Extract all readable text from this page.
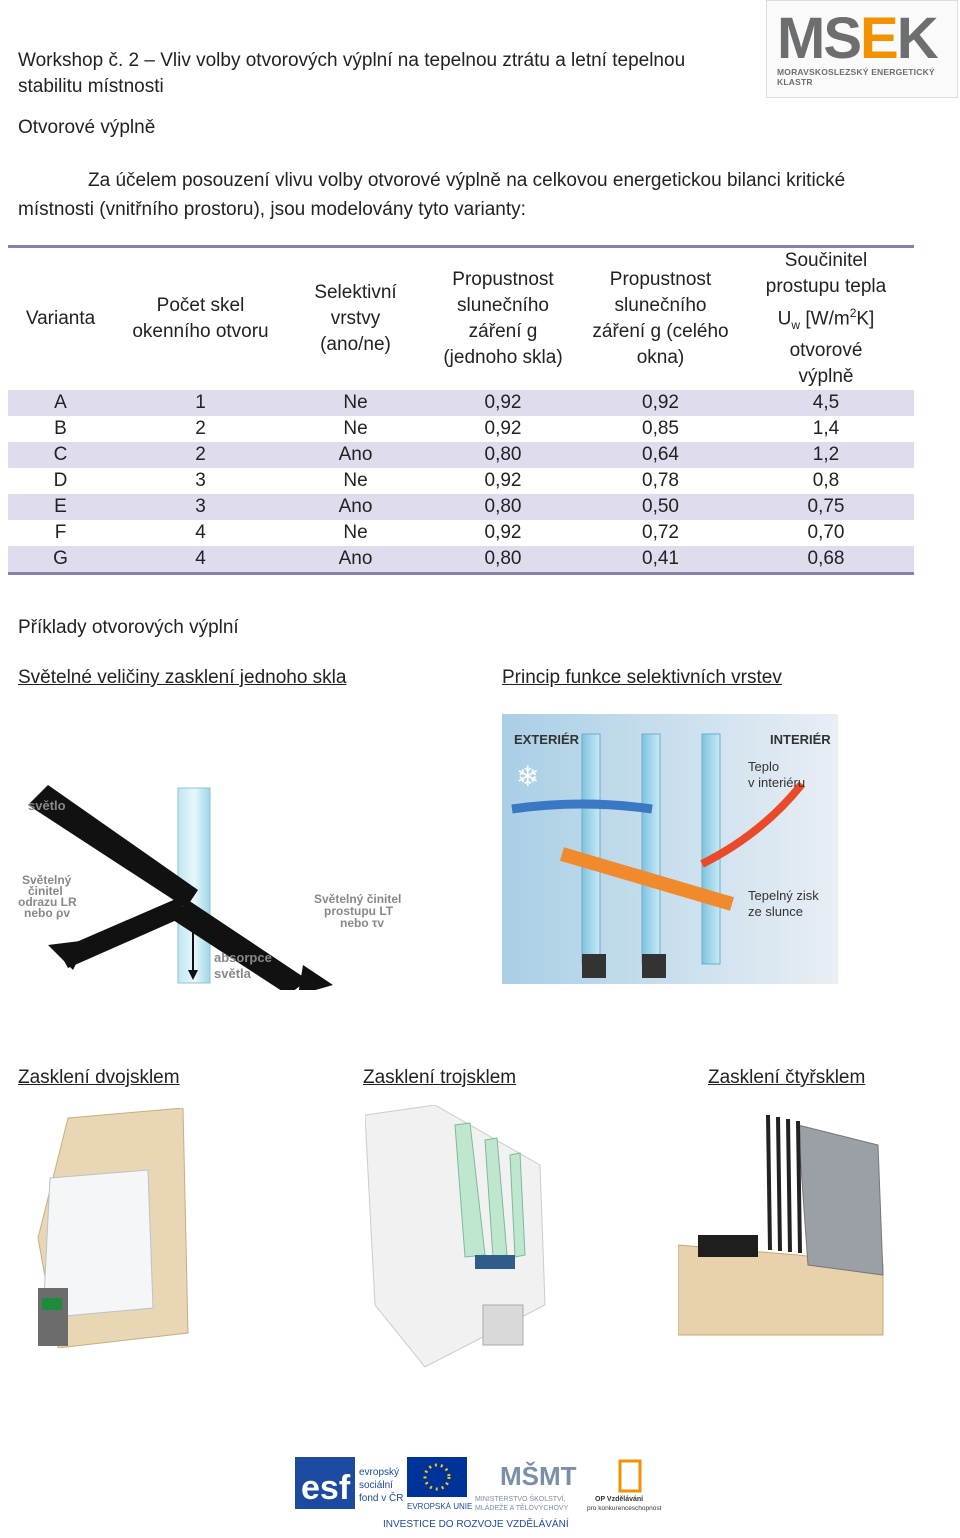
Workshop č. 2 – Vliv volby otvorových výplní na tepelnou ztrátu a letní tepelnou stabilitu místnosti
MSEK
MORAVSKOSLEZSKÝ ENERGETICKÝ KLASTR
Otvorové výplně
Za účelem posouzení vlivu volby otvorové výplně na celkovou energetickou bilanci kritické
místnosti (vnitřního prostoru), jsou modelovány tyto varianty:
Varianta	Počet skel okenního otvoru	Selektivní vrstvy (ano/ne)	Propustnost slunečního záření g (jednoho skla)	Propustnost slunečního záření g (celého okna)	Součinitel
prostupu tepla
$U_w$ $[W/m^2K]$
otvorové
výplně

A	1	Ne	0,92	0,92	4,5
B	2	Ne	0,92	0,85	1,4
C	2	Ano	0,80	0,64	1,2
D	3	Ne	0,92	0,78	0,8
E	3	Ano	0,80	0,50	0,75
F	4	Ne	0,92	0,72	0,70
G	4	Ano	0,80	0,41	0,68
Příklady otvorových výplní
Světelné veličiny zasklení jednoho skla	Princip funkce selektivních vrstev
světlo
Světelný
činitel
odrazu LR
nebo ρv
Světelný činitel
prostupu LT
nebo τv
absorpce
světla
EXTERIÉR	INTERIÉR
Teplo
v interiéru
Tepelný zisk
ze slunce
❄
Zasklení dvojsklem	Zasklení trojsklem	Zasklení čtyřsklem
esf evropský
sociální
fond v ČR
EVROPSKÁ UNIE
MŠMT
MINISTERSTVO ŠKOLSTVÍ,
MLÁDEŽE A TĚLOVÝCHOVY
OP Vzdělávání
pro konkurenceschopnost
INVESTICE DO ROZVOJE VZDĚLÁVÁNÍ
